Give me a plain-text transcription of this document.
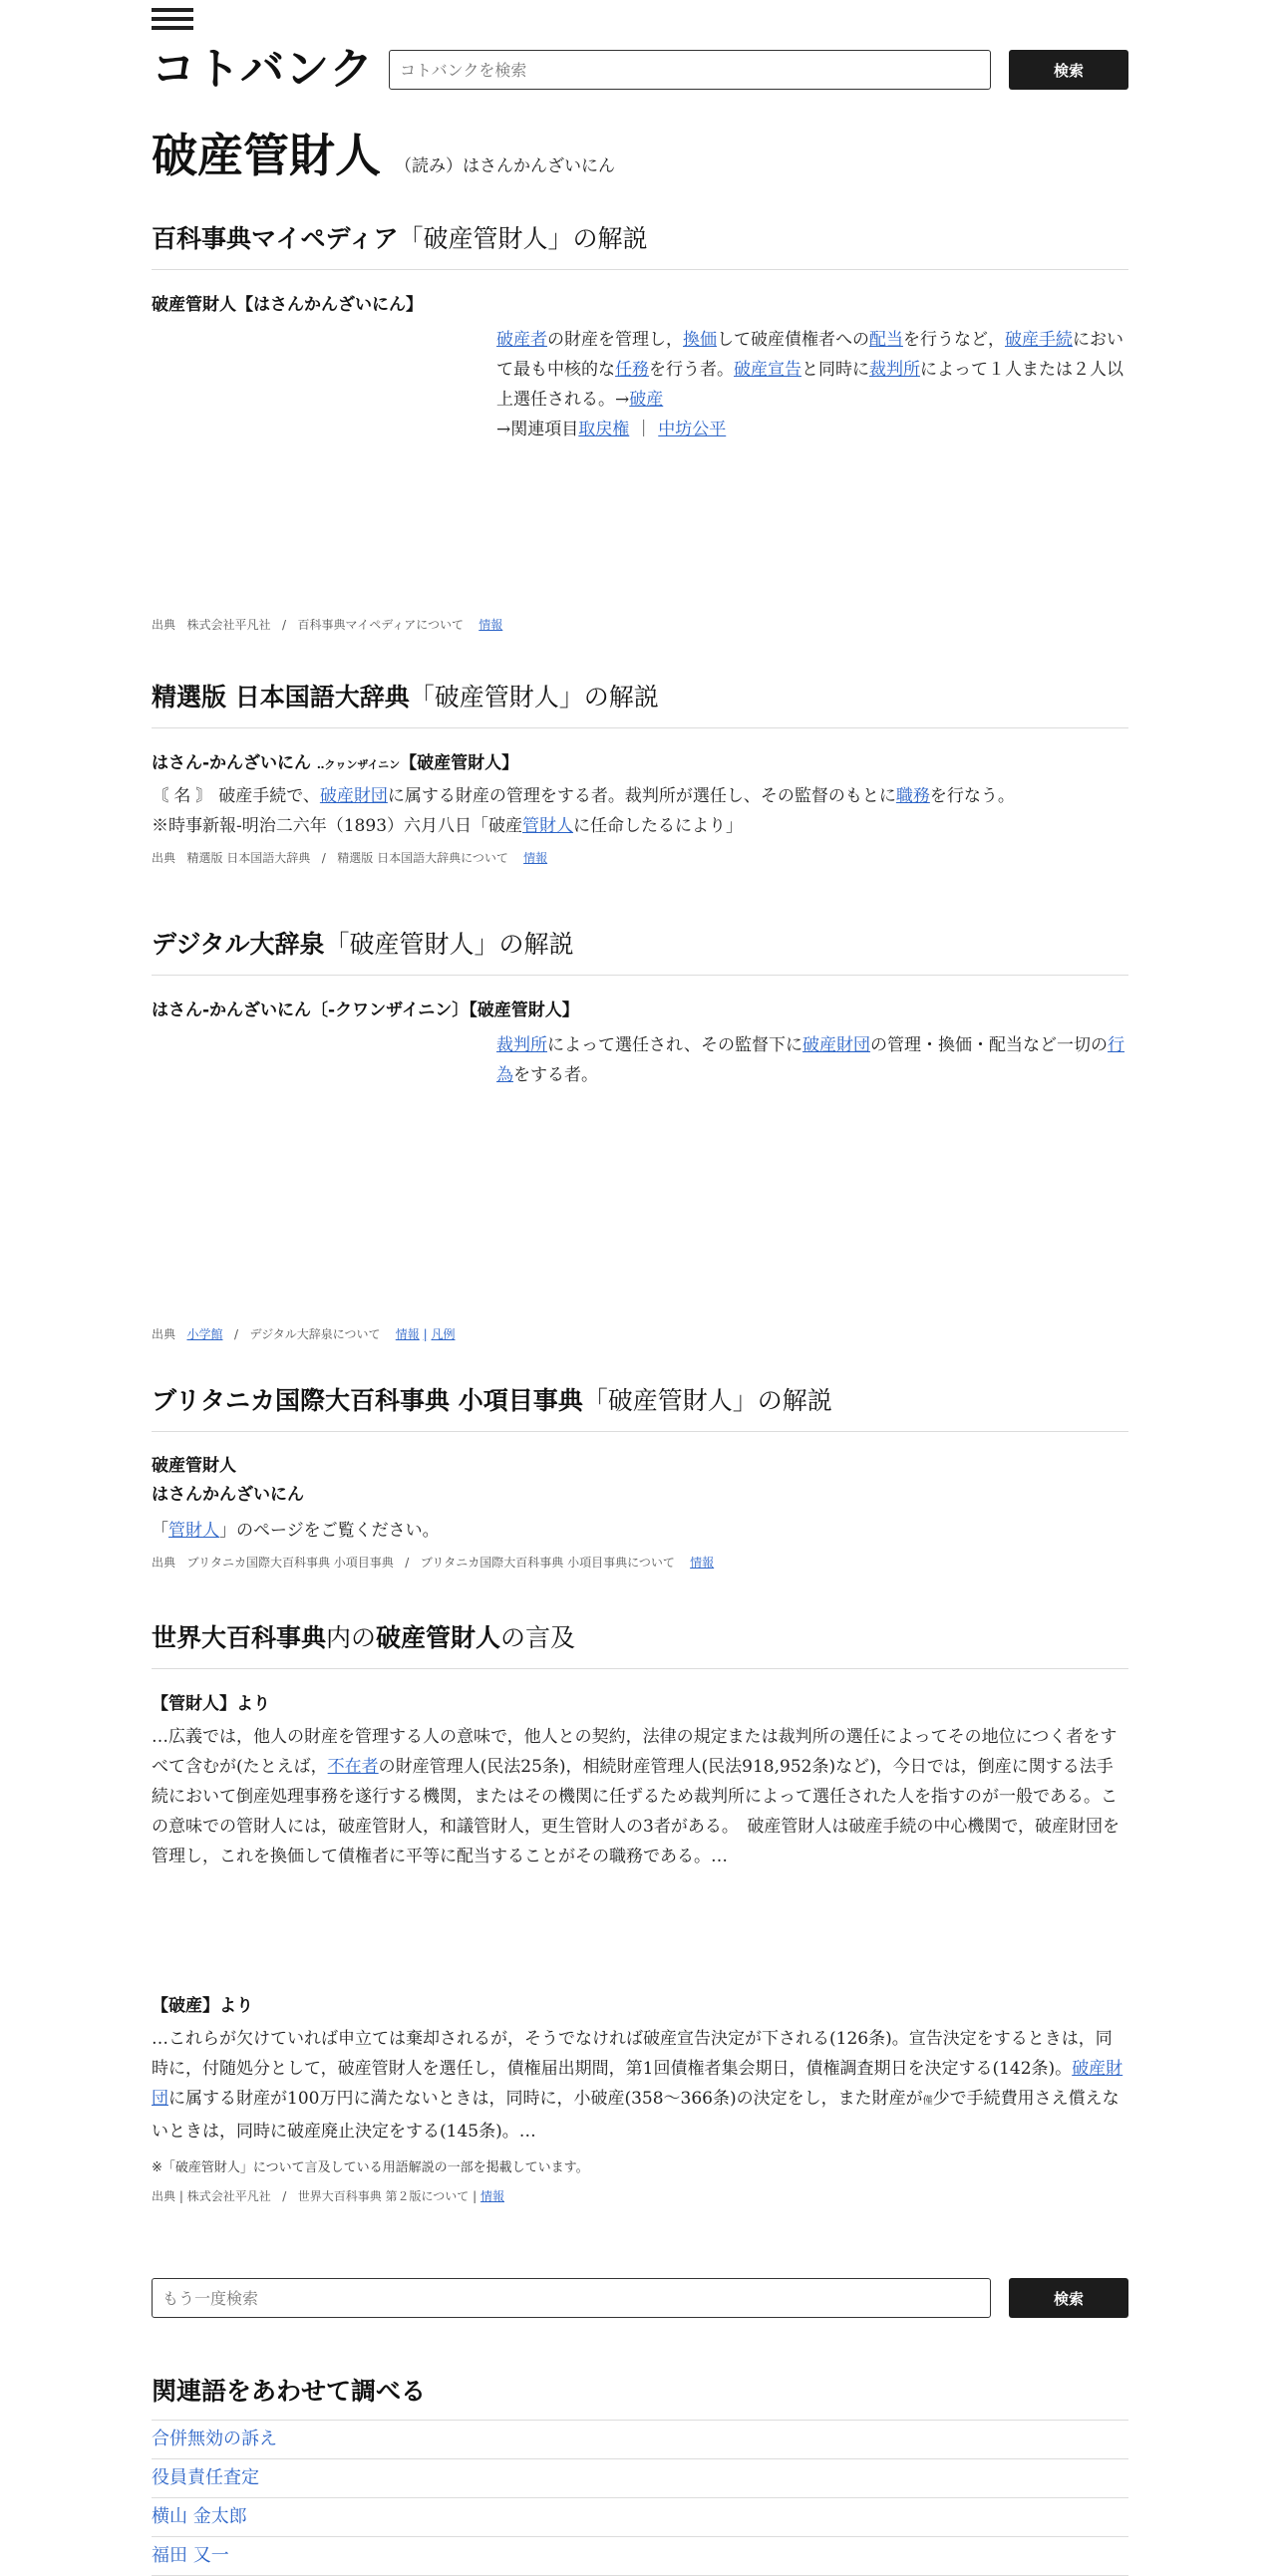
コトバンク
コトバンクを検索	検索
破産管財人 （読み）はさんかんざいにん
百科事典マイペディア「破産管財人」の解説
破産管財人【はさんかんざいにん】
破産者の財産を管理し，換価して破産債権者への配当を行うなど，破産手続において最も中核的な任務を行う者。破産宣告と同時に裁判所によって１人または２人以上選任される。→破産
→関連項目取戻権 ｜ 中坊公平
出典 株式会社平凡社 / 百科事典マイペディアについて 情報
精選版 日本国語大辞典「破産管財人」の解説
はさん‐かんざいにん ‥クヮンザイニン【破産管財人】
〘 名 〙 破産手続で、破産財団に属する財産の管理をする者。裁判所が選任し、その監督のもとに職務を行なう。
※時事新報‐明治二六年（1893）六月八日「破産管財人に任命したるにより」
出典 精選版 日本国語大辞典 / 精選版 日本国語大辞典について 情報
デジタル大辞泉「破産管財人」の解説
はさん‐かんざいにん〔‐クワンザイニン〕【破産管財人】
裁判所によって選任され、その監督下に破産財団の管理・換価・配当など一切の行為をする者。
出典 小学館 / デジタル大辞泉について 情報 | 凡例
ブリタニカ国際大百科事典 小項目事典「破産管財人」の解説
破産管財人
はさんかんざいにん
「管財人」のページをご覧ください。
出典 ブリタニカ国際大百科事典 小項目事典 / ブリタニカ国際大百科事典 小項目事典について 情報
世界大百科事典内の破産管財人の言及
【管財人】より
…広義では，他人の財産を管理する人の意味で，他人との契約，法律の規定または裁判所の選任によってその地位につく者をすべて含むが(たとえば，不在者の財産管理人(民法25条)，相続財産管理人(民法918,952条)など)，今日では，倒産に関する法手続において倒産処理事務を遂行する機関，またはその機関に任ずるため裁判所によって選任された人を指すのが一般である。この意味での管財人には，破産管財人，和議管財人，更生管財人の3者がある。　破産管財人は破産手続の中心機関で，破産財団を管理し，これを換価して債権者に平等に配当することがその職務である。…
【破産】より
…これらが欠けていれば申立ては棄却されるが，そうでなければ破産宣告決定が下される(126条)。宣告決定をするときは，同時に，付随処分として，破産管財人を選任し，債権届出期間，第1回債権者集会期日，債権調査期日を決定する(142条)。破産財団に属する財産が100万円に満たないときは，同時に，小破産(358～366条)の決定をし，また財産が僅少で手続費用さえ償えないときは，同時に破産廃止決定をする(145条)。…
※「破産管財人」について言及している用語解説の一部を掲載しています。
出典 | 株式会社平凡社 / 世界大百科事典 第２版について | 情報
もう一度検索
検索
関連語をあわせて調べる
合併無効の訴え
役員責任査定
横山 金太郎
福田 又一
